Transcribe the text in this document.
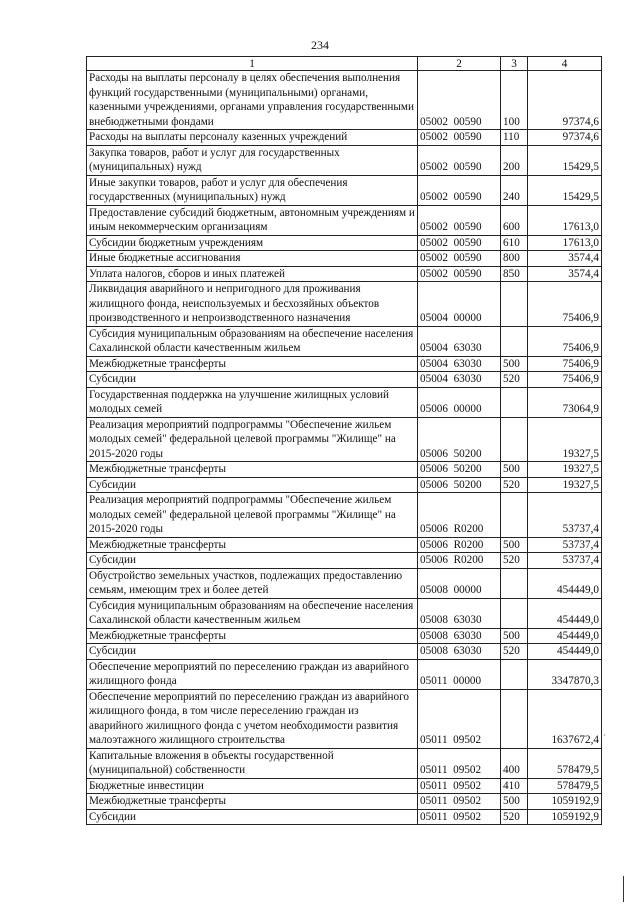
234
1	2	3	4
Расходы на выплаты персоналу в целях обеспечения выполнения функций государственными (муниципальными) органами, казенными учреждениями, органами управления государственными внебюджетными фондами	05002  00590	100	97374,6
Расходы на выплаты персоналу казенных учреждений	05002  00590	110	97374,6
Закупка товаров, работ и услуг для государственных (муниципальных) нужд	05002  00590	200	15429,5
Иные закупки товаров, работ и услуг для обеспечения государственных (муниципальных) нужд	05002  00590	240	15429,5
Предоставление субсидий бюджетным, автономным учреждениям и иным некоммерческим организациям	05002  00590	600	17613,0
Субсидии бюджетным учреждениям	05002  00590	610	17613,0
Иные бюджетные ассигнования	05002  00590	800	3574,4
Уплата налогов, сборов и иных платежей	05002  00590	850	3574,4
Ликвидация аварийного и непригодного для проживания жилищного фонда, неиспользуемых и бесхозяйных объектов производственного и непроизводственного назначения	05004  00000		75406,9
Субсидия муниципальным образованиям на обеспечение населения Сахалинской области качественным жильем	05004  63030		75406,9
Межбюджетные трансферты	05004  63030	500	75406,9
Субсидии	05004  63030	520	75406,9
Государственная поддержка на улучшение жилищных условий молодых семей	05006  00000		73064,9
Реализация мероприятий подпрограммы "Обеспечение жильем молодых семей" федеральной целевой программы "Жилище" на 2015-2020 годы	05006  50200		19327,5
Межбюджетные трансферты	05006  50200	500	19327,5
Субсидии	05006  50200	520	19327,5
Реализация мероприятий подпрограммы "Обеспечение жильем молодых семей" федеральной целевой программы "Жилище" на 2015-2020 годы	05006  R0200		53737,4
Межбюджетные трансферты	05006  R0200	500	53737,4
Субсидии	05006  R0200	520	53737,4
Обустройство земельных участков, подлежащих предоставлению семьям, имеющим трех и более детей	05008  00000		454449,0
Субсидия муниципальным образованиям на обеспечение населения Сахалинской области качественным жильем	05008  63030		454449,0
Межбюджетные трансферты	05008  63030	500	454449,0
Субсидии	05008  63030	520	454449,0
Обеспечение мероприятий по переселению граждан из аварийного жилищного фонда	05011  00000		3347870,3
Обеспечение мероприятий по переселению граждан из аварийного жилищного фонда, в том числе переселению граждан из аварийного жилищного фонда с учетом необходимости развития малоэтажного жилищного строительства	05011  09502		1637672,4
Капитальные вложения в объекты государственной (муниципальной) собственности	05011  09502	400	578479,5
Бюджетные инвестиции	05011  09502	410	578479,5
Межбюджетные трансферты	05011  09502	500	1059192,9
Субсидии	05011  09502	520	1059192,9
´
